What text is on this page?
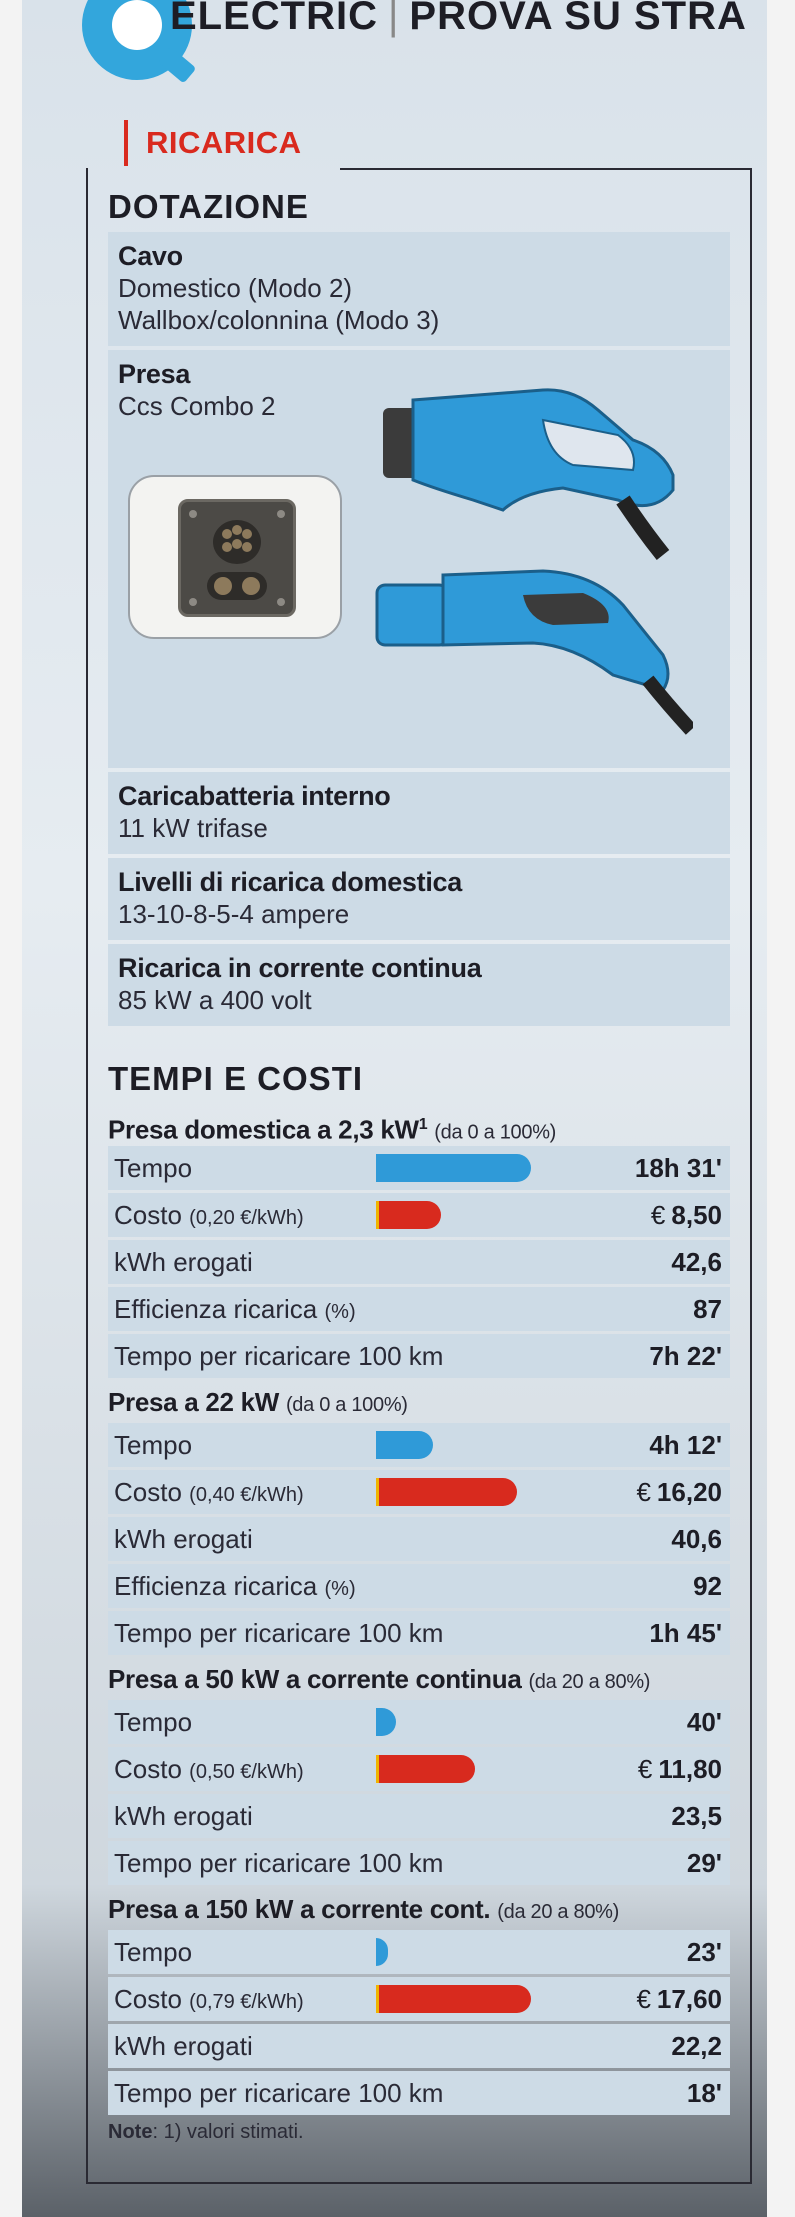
ELECTRIC | PROVA SU STRA
RICARICA
DOTAZIONE
Cavo
Domestico (Modo 2)
Wallbox/colonnina (Modo 3)
Presa
Ccs Combo 2
Caricabatteria interno
11 kW trifase
Livelli di ricarica domestica
13-10-8-5-4 ampere
Ricarica in corrente continua
85 kW a 400 volt
TEMPI E COSTI
Presa domestica a 2,3 $kW^1$ (da 0 a 100%)
Tempo	18h 31'
Costo (0,20 €/kWh)	€ 8,50
kWh erogati	42,6
Efficienza ricarica (%)	87
Tempo per ricaricare 100 km	7h 22'
Presa a 22 kW (da 0 a 100%)
Tempo	4h 12'
Costo (0,40 €/kWh)	€ 16,20
kWh erogati	40,6
Efficienza ricarica (%)	92
Tempo per ricaricare 100 km	1h 45'
Presa a 50 kW a corrente continua (da 20 a 80%)
Tempo	40'
Costo (0,50 €/kWh)	€ 11,80
kWh erogati	23,5
Tempo per ricaricare 100 km	29'
Presa a 150 kW a corrente cont. (da 20 a 80%)
Tempo	23'
Costo (0,79 €/kWh)	€ 17,60
kWh erogati	22,2
Tempo per ricaricare 100 km	18'
Note: 1) valori stimati.
